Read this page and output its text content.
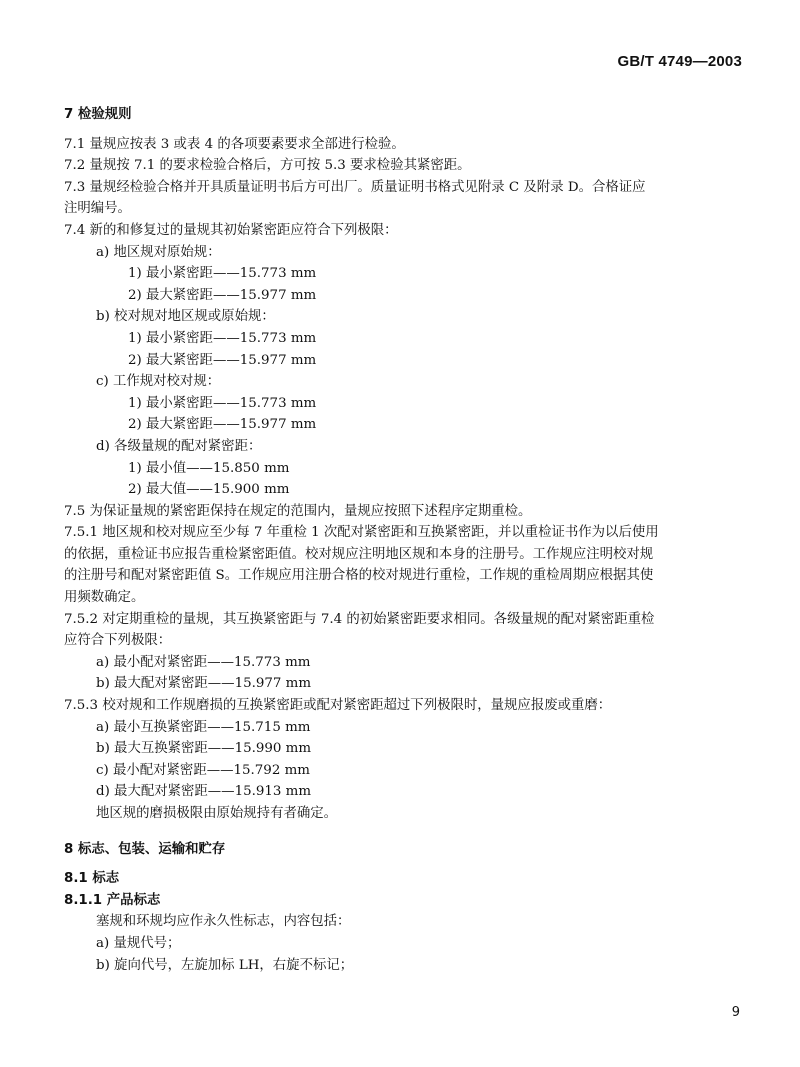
GB/T 4749—2003
7 检验规则
7.1 量规应按表 3 或表 4 的各项要素要求全部进行检验。
7.2 量规按 7.1 的要求检验合格后，方可按 5.3 要求检验其紧密距。
7.3 量规经检验合格并开具质量证明书后方可出厂。质量证明书格式见附录 C 及附录 D。合格证应
注明编号。
7.4 新的和修复过的量规其初始紧密距应符合下列极限：
a) 地区规对原始规：
1) 最小紧密距——15.773 mm
2) 最大紧密距——15.977 mm
b) 校对规对地区规或原始规：
1) 最小紧密距——15.773 mm
2) 最大紧密距——15.977 mm
c) 工作规对校对规：
1) 最小紧密距——15.773 mm
2) 最大紧密距——15.977 mm
d) 各级量规的配对紧密距：
1) 最小值——15.850 mm
2) 最大值——15.900 mm
7.5 为保证量规的紧密距保持在规定的范围内，量规应按照下述程序定期重检。
7.5.1 地区规和校对规应至少每 7 年重检 1 次配对紧密距和互换紧密距，并以重检证书作为以后使用
的依据，重检证书应报告重检紧密距值。校对规应注明地区规和本身的注册号。工作规应注明校对规
的注册号和配对紧密距值 S。工作规应用注册合格的校对规进行重检，工作规的重检周期应根据其使
用频数确定。
7.5.2 对定期重检的量规，其互换紧密距与 7.4 的初始紧密距要求相同。各级量规的配对紧密距重检
应符合下列极限：
a) 最小配对紧密距——15.773 mm
b) 最大配对紧密距——15.977 mm
7.5.3 校对规和工作规磨损的互换紧密距或配对紧密距超过下列极限时，量规应报废或重磨：
a) 最小互换紧密距——15.715 mm
b) 最大互换紧密距——15.990 mm
c) 最小配对紧密距——15.792 mm
d) 最大配对紧密距——15.913 mm
地区规的磨损极限由原始规持有者确定。
8 标志、包装、运输和贮存
8.1 标志
8.1.1 产品标志
塞规和环规均应作永久性标志，内容包括：
a) 量规代号；
b) 旋向代号，左旋加标 LH，右旋不标记；
9
